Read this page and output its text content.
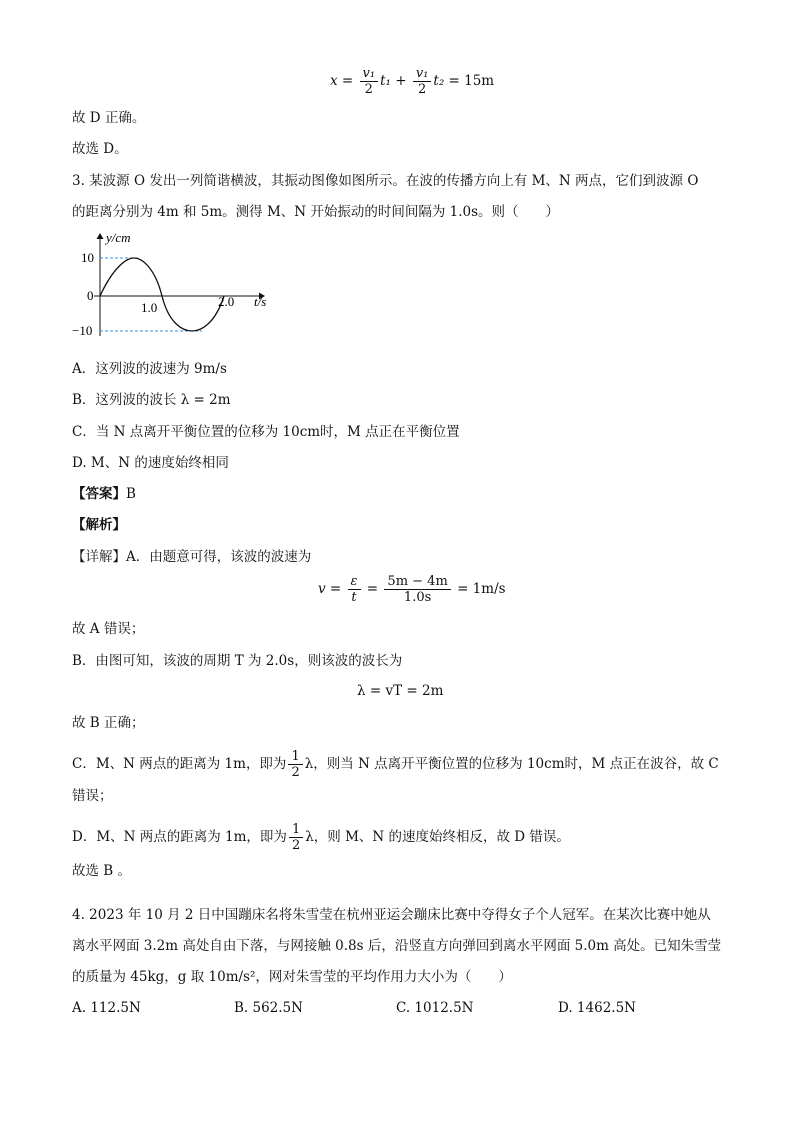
$x = \frac{\text{v₁}}{2} t_1 + \frac{\text{v₁}}{2} t_2 = 15m$
故 D 正确。
故选 D。
3. 某波源 O 发出一列简谐横波，其振动图像如图所示。在波的传播方向上有 M、N 两点，它们到波源 O
的距离分别为 4m 和 5m。测得 M、N 开始振动的时间间隔为 1.0s。则（　　）
y/cm
10
0
−10
1.0	2.0 t/s
A．这列波的波速为 9m/s
B．这列波的波长 λ = 2m
C．当 N 点离开平衡位置的位移为 10cm时，M 点正在平衡位置
D. M、N 的速度始终相同
【答案】B
【解析】
【详解】A．由题意可得，该波的波速为
$v = \frac{\varepsilon}{t} = \frac{5m - 4m}{1.0s} = 1m/s$
故 A 错误；
B．由图可知，该波的周期 T 为 2.0s，则该波的波长为
λ = vT = 2m
故 B 正确；
C．M、N 两点的距离为 1m，即为 $\frac{1}{2}$ λ，则当 N 点离开平衡位置的位移为 10cm时，M 点正在波谷，故 C
错误；
D．M、N 两点的距离为 1m，即为 $\frac{1}{2}$ λ，则 M、N 的速度始终相反，故 D 错误。
故选 B 。
4. 2023 年 10 月 2 日中国蹦床名将朱雪莹在杭州亚运会蹦床比赛中夺得女子个人冠军。在某次比赛中她从
离水平网面 3.2m 高处自由下落，与网接触 0.8s 后，沿竖直方向弹回到离水平网面 5.0m 高处。已知朱雪莹
的质量为 45kg，g 取 10m/s²，网对朱雪莹的平均作用力大小为（　　）
A. 112.5N	B. 562.5N	C. 1012.5N	D. 1462.5N
